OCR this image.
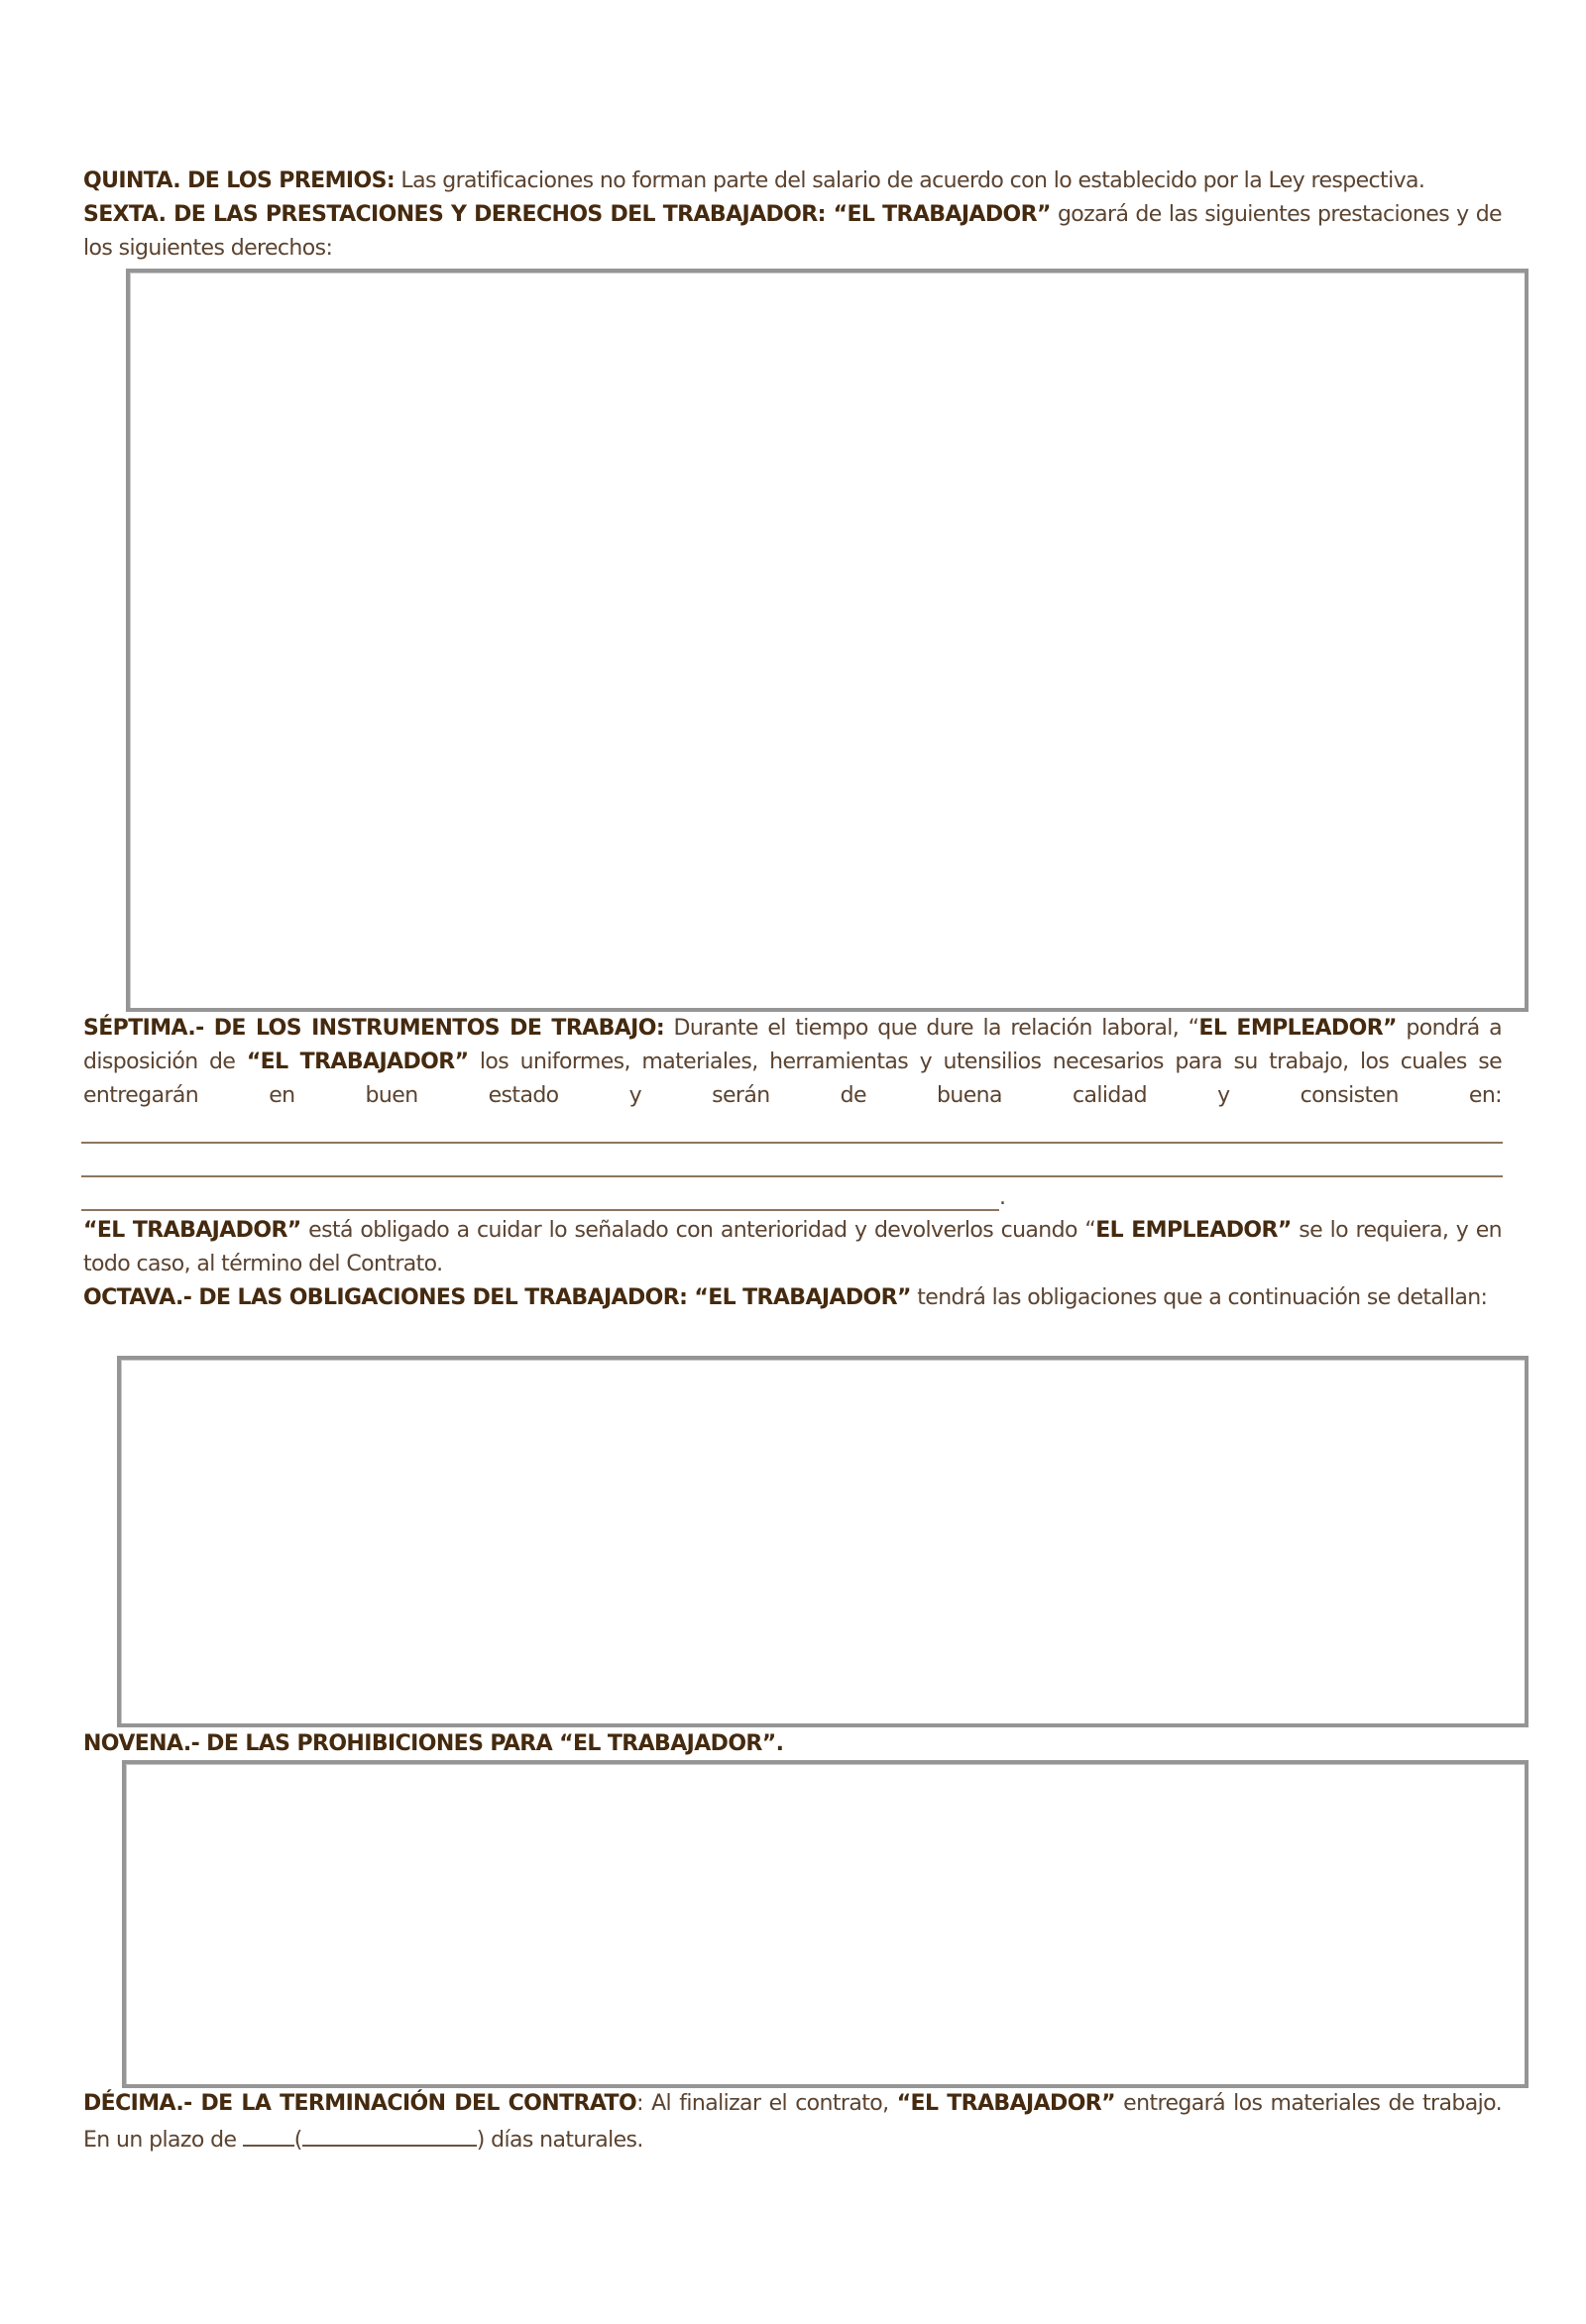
QUINTA. DE LOS PREMIOS: Las gratificaciones no forman parte del salario de acuerdo con lo establecido por la Ley respectiva.
SEXTA. DE LAS PRESTACIONES Y DERECHOS DEL TRABAJADOR: “EL TRABAJADOR” gozará de las siguientes prestaciones y de los siguientes derechos:
SÉPTIMA.- DE LOS INSTRUMENTOS DE TRABAJO: Durante el tiempo que dure la relación laboral, “EL EMPLEADOR” pondrá a disposición de “EL TRABAJADOR” los uniformes, materiales, herramientas y utensilios necesarios para su trabajo, los cuales se entregarán en buen estado y serán de buena calidad y consisten en:
.
“EL TRABAJADOR” está obligado a cuidar lo señalado con anterioridad y devolverlos cuando “EL EMPLEADOR” se lo requiera, y en todo caso, al término del Contrato.
OCTAVA.- DE LAS OBLIGACIONES DEL TRABAJADOR: “EL TRABAJADOR” tendrá las obligaciones que a continuación se detallan:
NOVENA.- DE LAS PROHIBICIONES PARA “EL TRABAJADOR”.
DÉCIMA.- DE LA TERMINACIÓN DEL CONTRATO: Al finalizar el contrato, “EL TRABAJADOR” entregará los materiales de trabajo. En un plazo de (	) días naturales.
